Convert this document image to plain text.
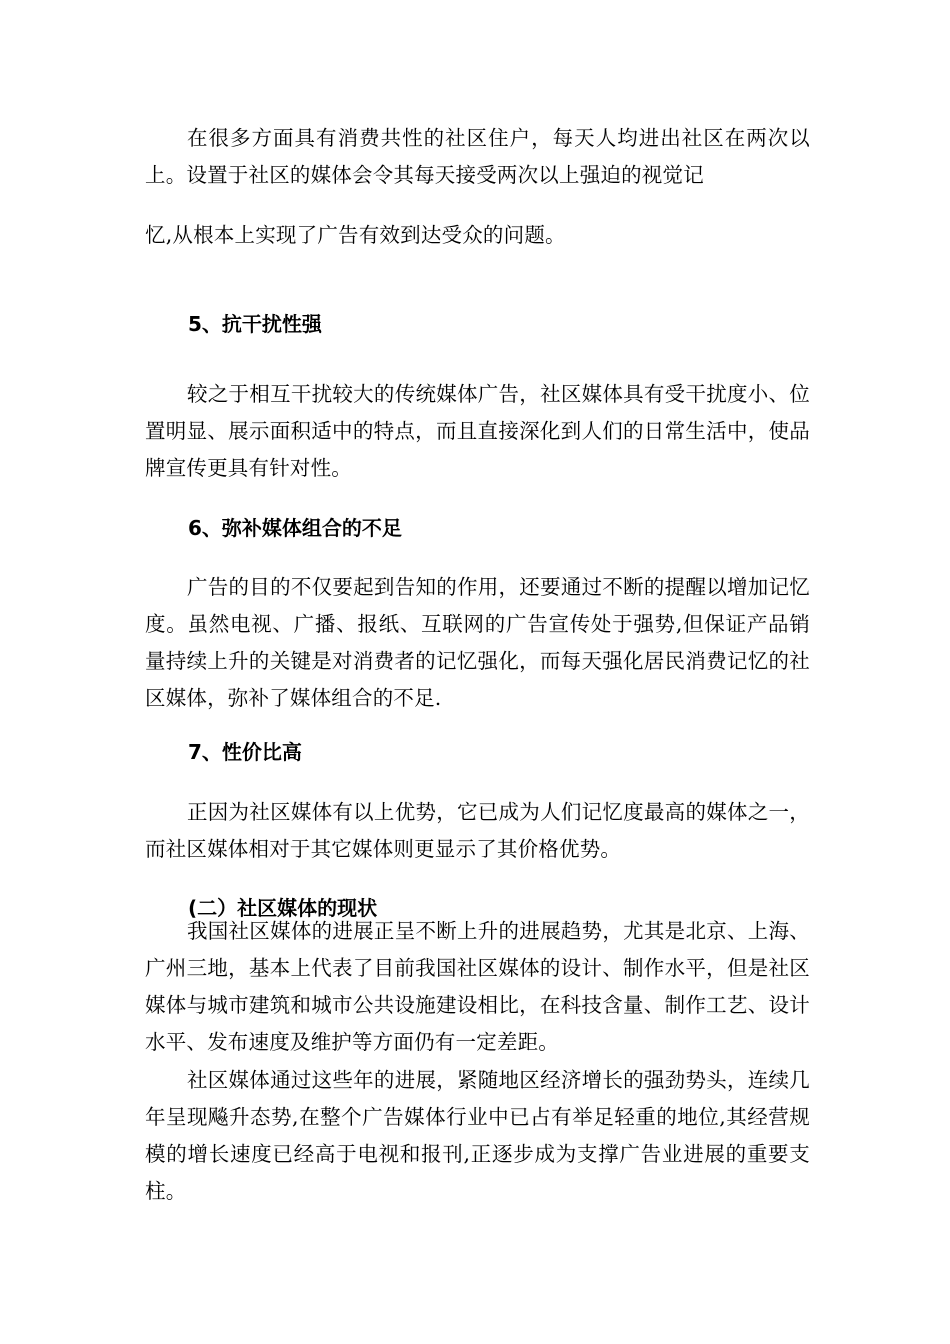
在很多方面具有消费共性的社区住户，每天人均进出社区在两次以上。设置于社区的媒体会令其每天接受两次以上强迫的视觉记

忆,从根本上实现了广告有效到达受众的问题。

5、抗干扰性强

较之于相互干扰较大的传统媒体广告，社区媒体具有受干扰度小、位置明显、展示面积适中的特点，而且直接深化到人们的日常生活中，使品牌宣传更具有针对性。

6、弥补媒体组合的不足

广告的目的不仅要起到告知的作用，还要通过不断的提醒以增加记忆度。虽然电视、广播、报纸、互联网的广告宣传处于强势,但保证产品销量持续上升的关键是对消费者的记忆强化，而每天强化居民消费记忆的社区媒体，弥补了媒体组合的不足.

7、性价比高

正因为社区媒体有以上优势，它已成为人们记忆度最高的媒体之一，而社区媒体相对于其它媒体则更显示了其价格优势。

(二）社区媒体的现状

我国社区媒体的进展正呈不断上升的进展趋势，尤其是北京、上海、广州三地，基本上代表了目前我国社区媒体的设计、制作水平，但是社区媒体与城市建筑和城市公共设施建设相比，在科技含量、制作工艺、设计水平、发布速度及维护等方面仍有一定差距。

社区媒体通过这些年的进展，紧随地区经济增长的强劲势头，连续几年呈现飚升态势,在整个广告媒体行业中已占有举足轻重的地位,其经营规模的增长速度已经高于电视和报刊,正逐步成为支撑广告业进展的重要支柱。
